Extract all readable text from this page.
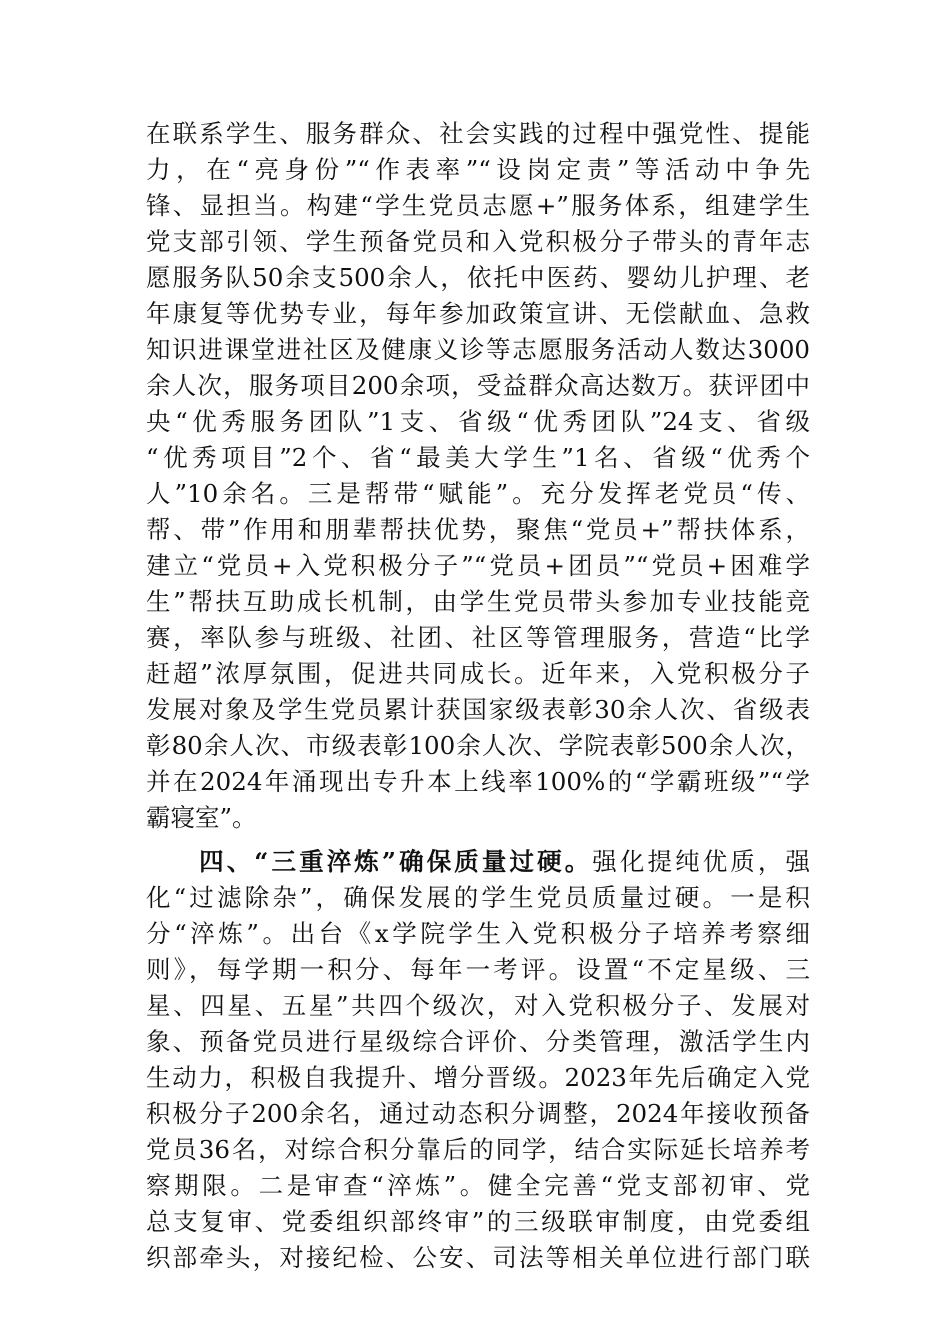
在联系学生、服务群众、社会实践的过程中强党性、提能
力，在“亮身份”“作表率”“设岗定责”等活动中争先
锋、显担当。构建“学生党员志愿+”服务体系，组建学生
党支部引领、学生预备党员和入党积极分子带头的青年志
愿服务队50余支500余人，依托中医药、婴幼儿护理、老
年康复等优势专业，每年参加政策宣讲、无偿献血、急救
知识进课堂进社区及健康义诊等志愿服务活动人数达3000
余人次，服务项目200余项，受益群众高达数万。获评团中
央“优秀服务团队”1支、省级“优秀团队”24支、省级
“优秀项目”2个、省“最美大学生”1名、省级“优秀个
人”10余名。三是帮带“赋能”。充分发挥老党员“传、
帮、带”作用和朋辈帮扶优势，聚焦“党员+”帮扶体系，
建立“党员+入党积极分子”“党员+团员”“党员+困难学
生”帮扶互助成长机制，由学生党员带头参加专业技能竞
赛，率队参与班级、社团、社区等管理服务，营造“比学
赶超”浓厚氛围，促进共同成长。近年来，入党积极分子
发展对象及学生党员累计获国家级表彰30余人次、省级表
彰80余人次、市级表彰100余人次、学院表彰500余人次，
并在2024年涌现出专升本上线率100%的“学霸班级”“学
霸寝室”。
四、“三重淬炼”确保质量过硬。强化提纯优质，强
化“过滤除杂”，确保发展的学生党员质量过硬。一是积
分“淬炼”。出台《x学院学生入党积极分子培养考察细
则》，每学期一积分、每年一考评。设置“不定星级、三
星、四星、五星”共四个级次，对入党积极分子、发展对
象、预备党员进行星级综合评价、分类管理，激活学生内
生动力，积极自我提升、增分晋级。2023年先后确定入党
积极分子200余名，通过动态积分调整，2024年接收预备
党员36名，对综合积分靠后的同学，结合实际延长培养考
察期限。二是审查“淬炼”。健全完善“党支部初审、党
总支复审、党委组织部终审”的三级联审制度，由党委组
织部牵头，对接纪检、公安、司法等相关单位进行部门联
